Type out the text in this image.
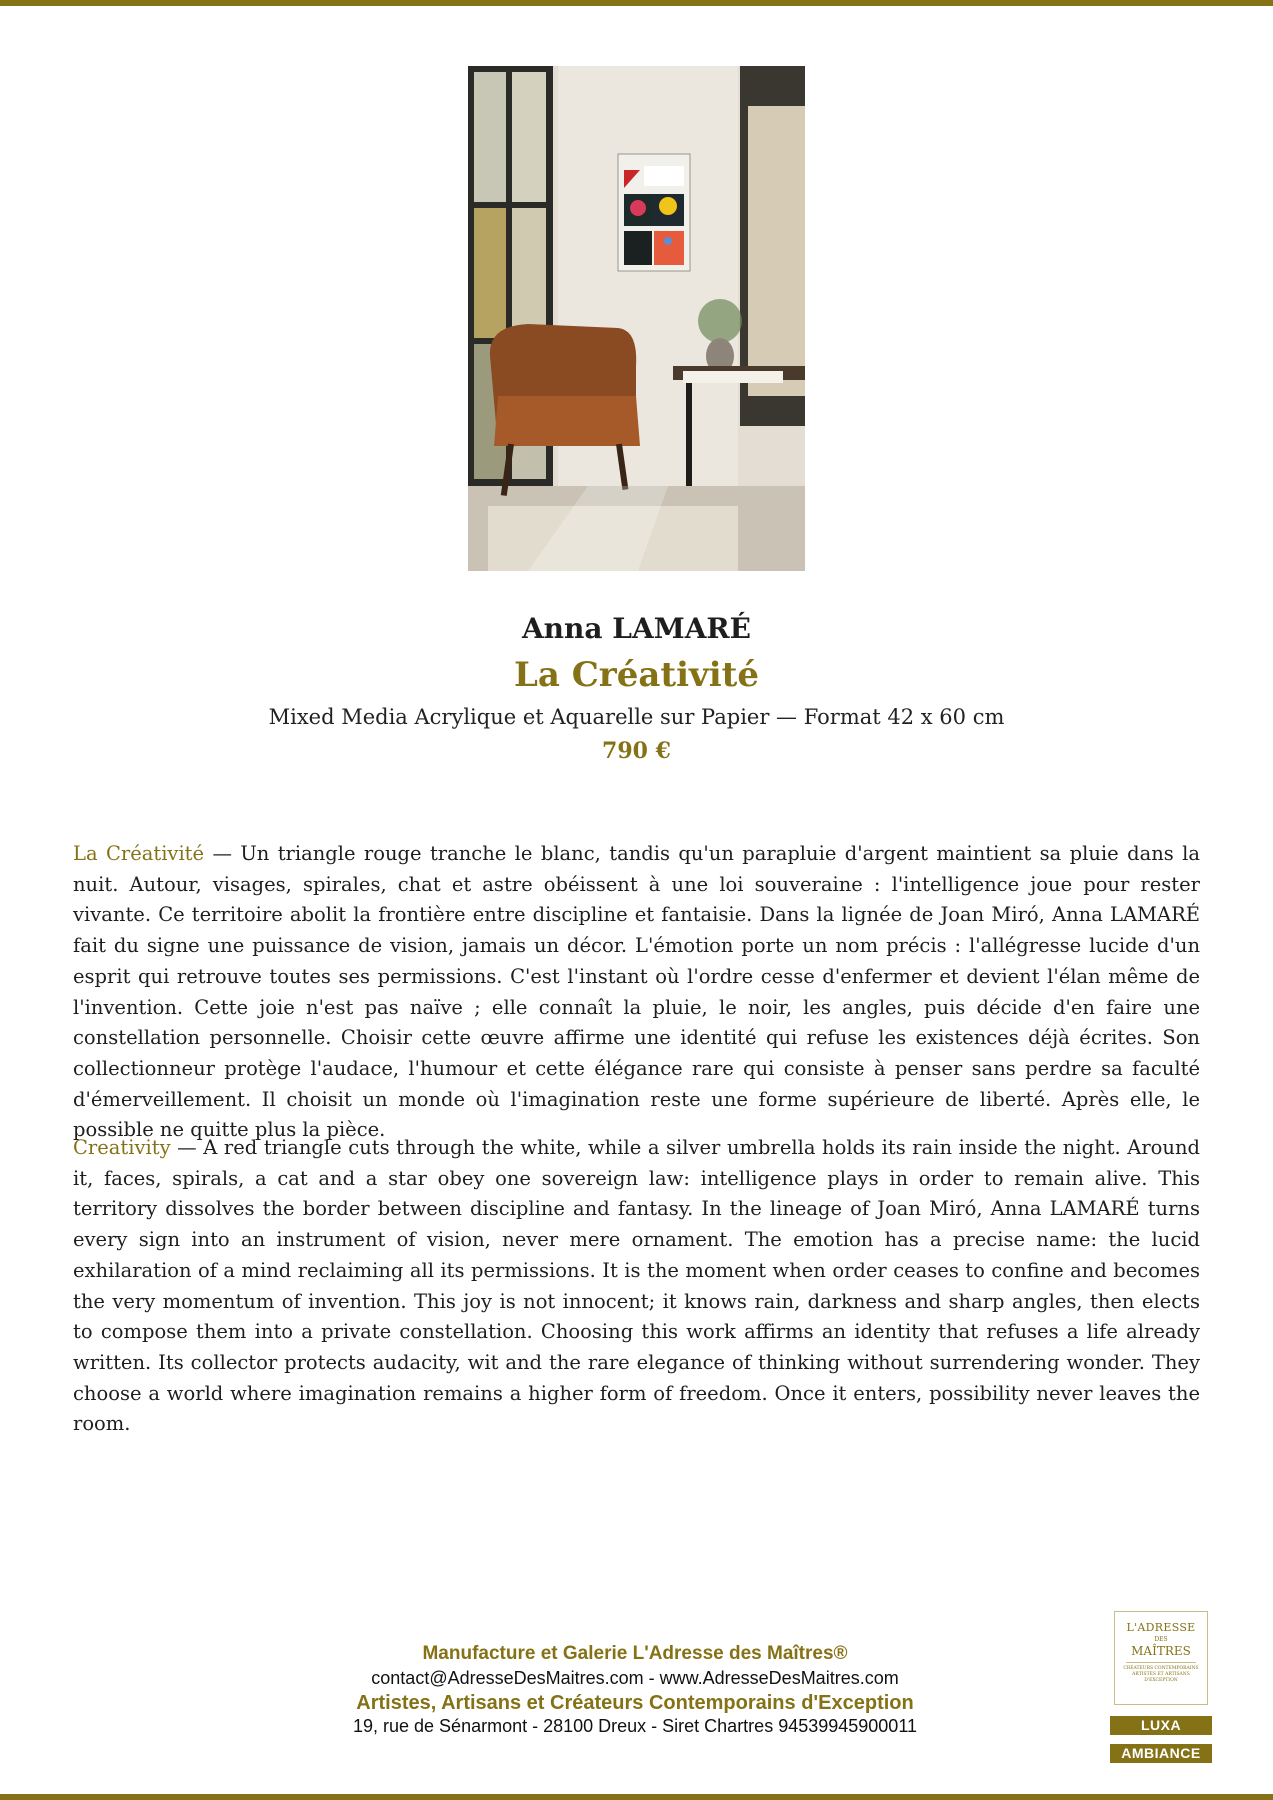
Anna LAMARÉ
La Créativité
Mixed Media Acrylique et Aquarelle sur Papier — Format 42 x 60 cm
790 €

La Créativité — Un triangle rouge tranche le blanc, tandis qu'un parapluie d'argent maintient sa pluie dans la nuit. Autour, visages, spirales, chat et astre obéissent à une loi souveraine : l'intelligence joue pour rester vivante. Ce territoire abolit la frontière entre discipline et fantaisie. Dans la lignée de Joan Miró, Anna LAMARÉ fait du signe une puissance de vision, jamais un décor. L'émotion porte un nom précis : l'allégresse lucide d'un esprit qui retrouve toutes ses permissions. C'est l'instant où l'ordre cesse d'enfermer et devient l'élan même de l'invention. Cette joie n'est pas naïve ; elle connaît la pluie, le noir, les angles, puis décide d'en faire une constellation personnelle. Choisir cette œuvre affirme une identité qui refuse les existences déjà écrites. Son collectionneur protège l'audace, l'humour et cette élégance rare qui consiste à penser sans perdre sa faculté d'émerveillement. Il choisit un monde où l'imagination reste une forme supérieure de liberté. Après elle, le possible ne quitte plus la pièce.

Creativity — A red triangle cuts through the white, while a silver umbrella holds its rain inside the night. Around it, faces, spirals, a cat and a star obey one sovereign law: intelligence plays in order to remain alive. This territory dissolves the border between discipline and fantasy. In the lineage of Joan Miró, Anna LAMARÉ turns every sign into an instrument of vision, never mere ornament. The emotion has a precise name: the lucid exhilaration of a mind reclaiming all its permissions. It is the moment when order ceases to confine and becomes the very momentum of invention. This joy is not innocent; it knows rain, darkness and sharp angles, then elects to compose them into a private constellation. Choosing this work affirms an identity that refuses a life already written. Its collector protects audacity, wit and the rare elegance of thinking without surrendering wonder. They choose a world where imagination remains a higher form of freedom. Once it enters, possibility never leaves the room.

Manufacture et Galerie L'Adresse des Maîtres®
contact@AdresseDesMaitres.com - www.AdresseDesMaitres.com
Artistes, Artisans et Créateurs Contemporains d'Exception
19, rue de Sénarmont - 28100 Dreux - Siret Chartres 94539945900011
L'ADRESSE
DES
MAÎTRES
CRÉATEURS CONTEMPORAINS ARTISTES ET ARTISANS D'EXCEPTION
LUXA
AMBIANCE
